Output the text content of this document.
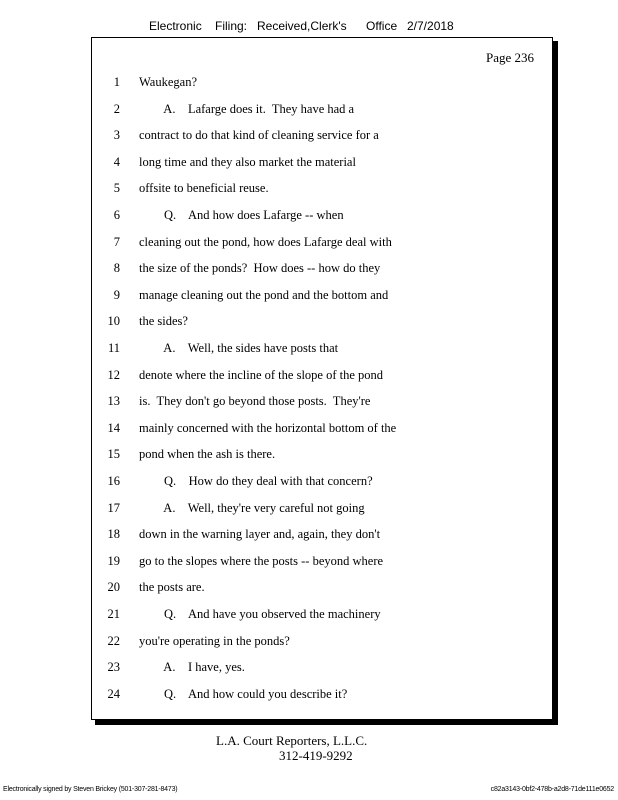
Electronic Filing: Received,Clerk's Office 2/7/2018
Page 236
1 Waukegan?
2 A.    Lafarge does it.  They have had a
3 contract to do that kind of cleaning service for a
4 long time and they also market the material
5 offsite to beneficial reuse.
6 Q.    And how does Lafarge -- when
7 cleaning out the pond, how does Lafarge deal with
8 the size of the ponds?  How does -- how do they
9 manage cleaning out the pond and the bottom and
10 the sides?
11 A.    Well, the sides have posts that
12 denote where the incline of the slope of the pond
13 is.  They don't go beyond those posts.  They're
14 mainly concerned with the horizontal bottom of the
15 pond when the ash is there.
16 Q.    How do they deal with that concern?
17 A.    Well, they're very careful not going
18 down in the warning layer and, again, they don't
19 go to the slopes where the posts -- beyond where
20 the posts are.
21 Q.    And have you observed the machinery
22 you're operating in the ponds?
23 A.    I have, yes.
24 Q.    And how could you describe it?
L.A. Court Reporters, L.L.C.
312-419-9292
Electronically signed by Steven Brickey (501-307-281-8473)	c82a3143-0bf2-478b-a2d8-71de111e0652
